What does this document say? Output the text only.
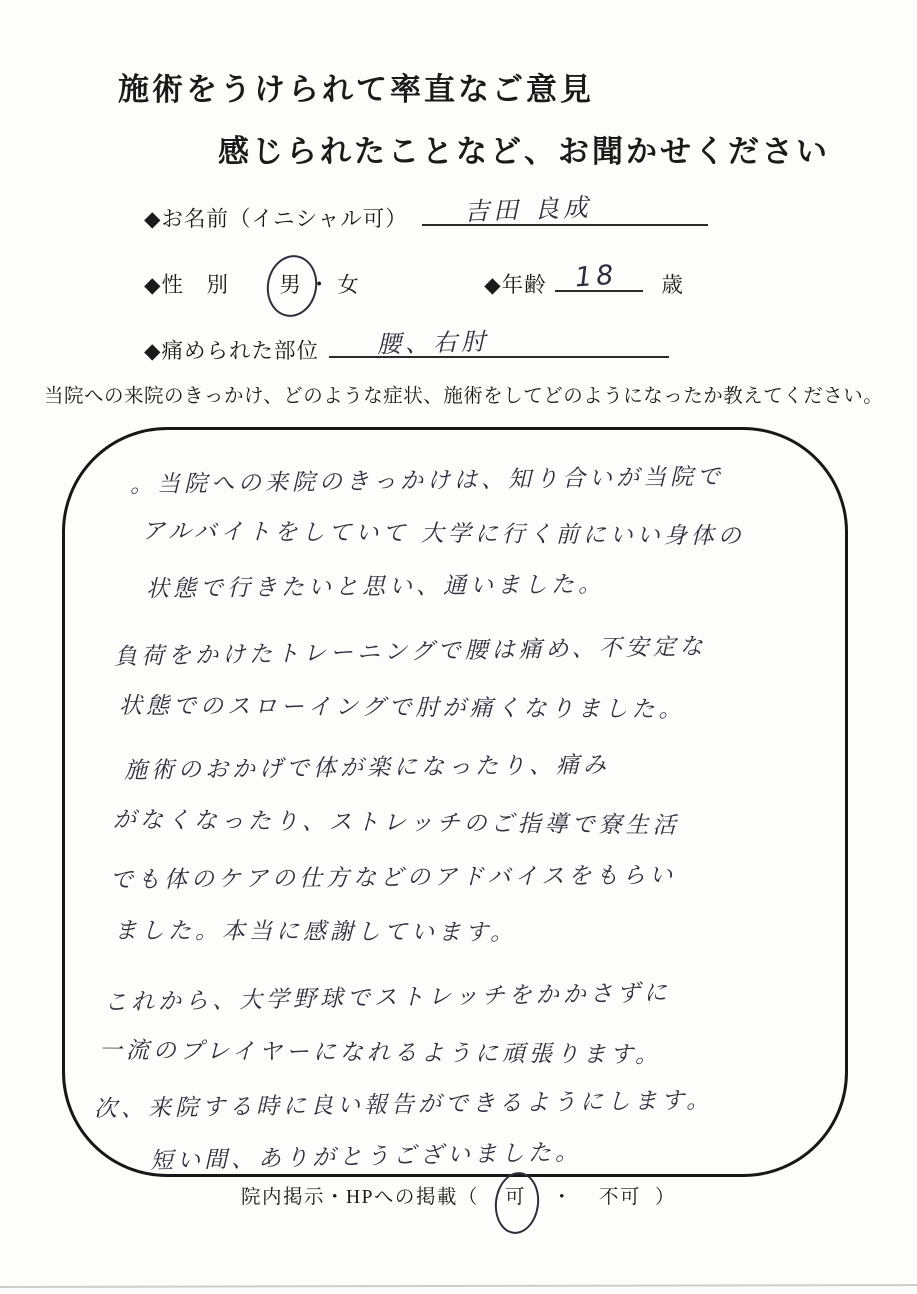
施術をうけられて率直なご意見
感じられたことなど、お聞かせください
◆お名前（イニシャル可） 吉田 良成
◆性　別 男 ・ 女	◆年齢 18 歳
◆痛められた部位 腰、右肘
当院への来院のきっかけ、どのような症状、施術をしてどのようになったか教えてください。
。当院への来院のきっかけは、知り合いが当院で
アルバイトをしていて 大学に行く前にいい身体の
状態で行きたいと思い、通いました。
負荷をかけたトレーニングで腰は痛め、不安定な
状態でのスローイングで肘が痛くなりました。
施術のおかげで体が楽になったり、痛み
がなくなったり、ストレッチのご指導で寮生活
でも体のケアの仕方などのアドバイスをもらい
ました。本当に感謝しています。
これから、大学野球でストレッチをかかさずに
一流のプレイヤーになれるように頑張ります。
次、来院する時に良い報告ができるようにします。
短い間、ありがとうございました。
院内掲示・HPへの掲載（ 可 ・ 不可 ）
